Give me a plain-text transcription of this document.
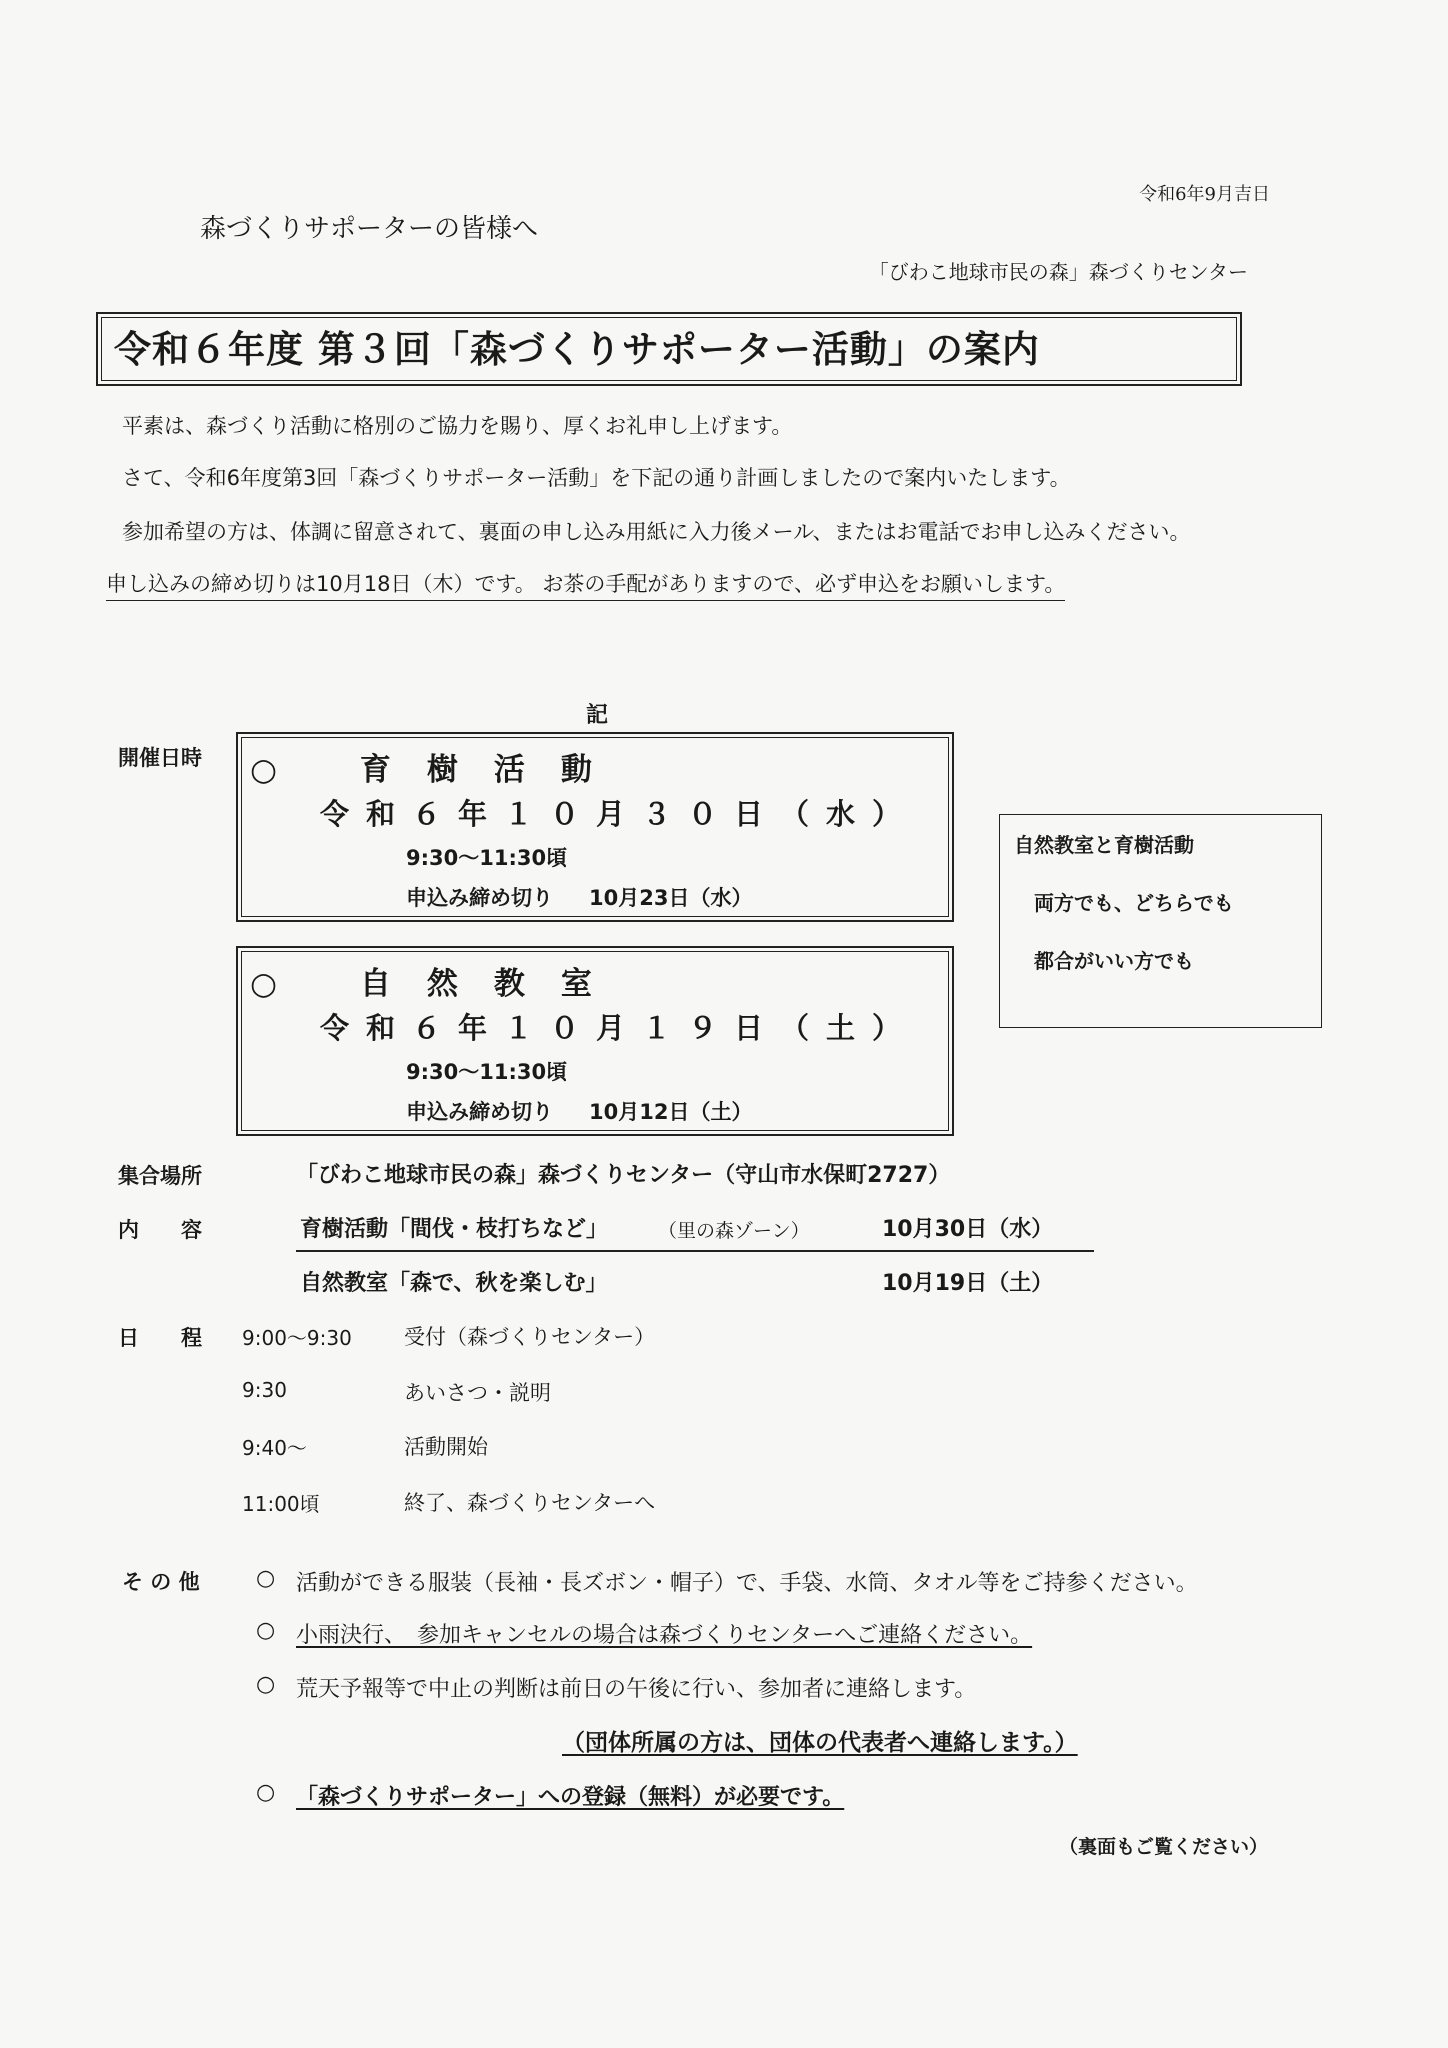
令和6年9月吉日
森づくりサポーターの皆様へ
「びわこ地球市民の森」森づくりセンター
令和６年度 第３回「森づくりサポーター活動」の案内
平素は、森づくり活動に格別のご協力を賜り、厚くお礼申し上げます。
さて、令和6年度第3回「森づくりサポーター活動」を下記の通り計画しましたので案内いたします。
参加希望の方は、体調に留意されて、裏面の申し込み用紙に入力後メール、またはお電話でお申し込みください。
申し込みの締め切りは10月18日（木）です。 お茶の手配がありますので、必ず申込をお願いします。
記
開催日時 ○ 育樹活動
令和６年１０月３０日（水）
9:30〜11:30頃
申込み締め切り 10月23日（水）
○ 自然教室
令和６年１０月１９日（土）
9:30〜11:30頃
申込み締め切り 10月12日（土）
自然教室と育樹活動
両方でも、どちらでも
都合がいい方でも
集合場所	「びわこ地球市民の森」森づくりセンター（守山市水保町2727）
内　　容	育樹活動「間伐・枝打ちなど」	（里の森ゾーン）	10月30日（水）
自然教室「森で、秋を楽しむ」	10月19日（土）
日　　程 9:00〜9:30 受付（森づくりセンター）
9:30	あいさつ・説明
9:40〜	活動開始
11:00頃	終了、森づくりセンターへ
そ の 他	○ 活動ができる服装（長袖・長ズボン・帽子）で、手袋、水筒、タオル等をご持参ください。
○ 小雨決行、　参加キャンセルの場合は森づくりセンターへご連絡ください。
○ 荒天予報等で中止の判断は前日の午後に行い、参加者に連絡します。
（団体所属の方は、団体の代表者へ連絡します。）
○ 「森づくりサポーター」への登録（無料）が必要です。
（裏面もご覧ください）
